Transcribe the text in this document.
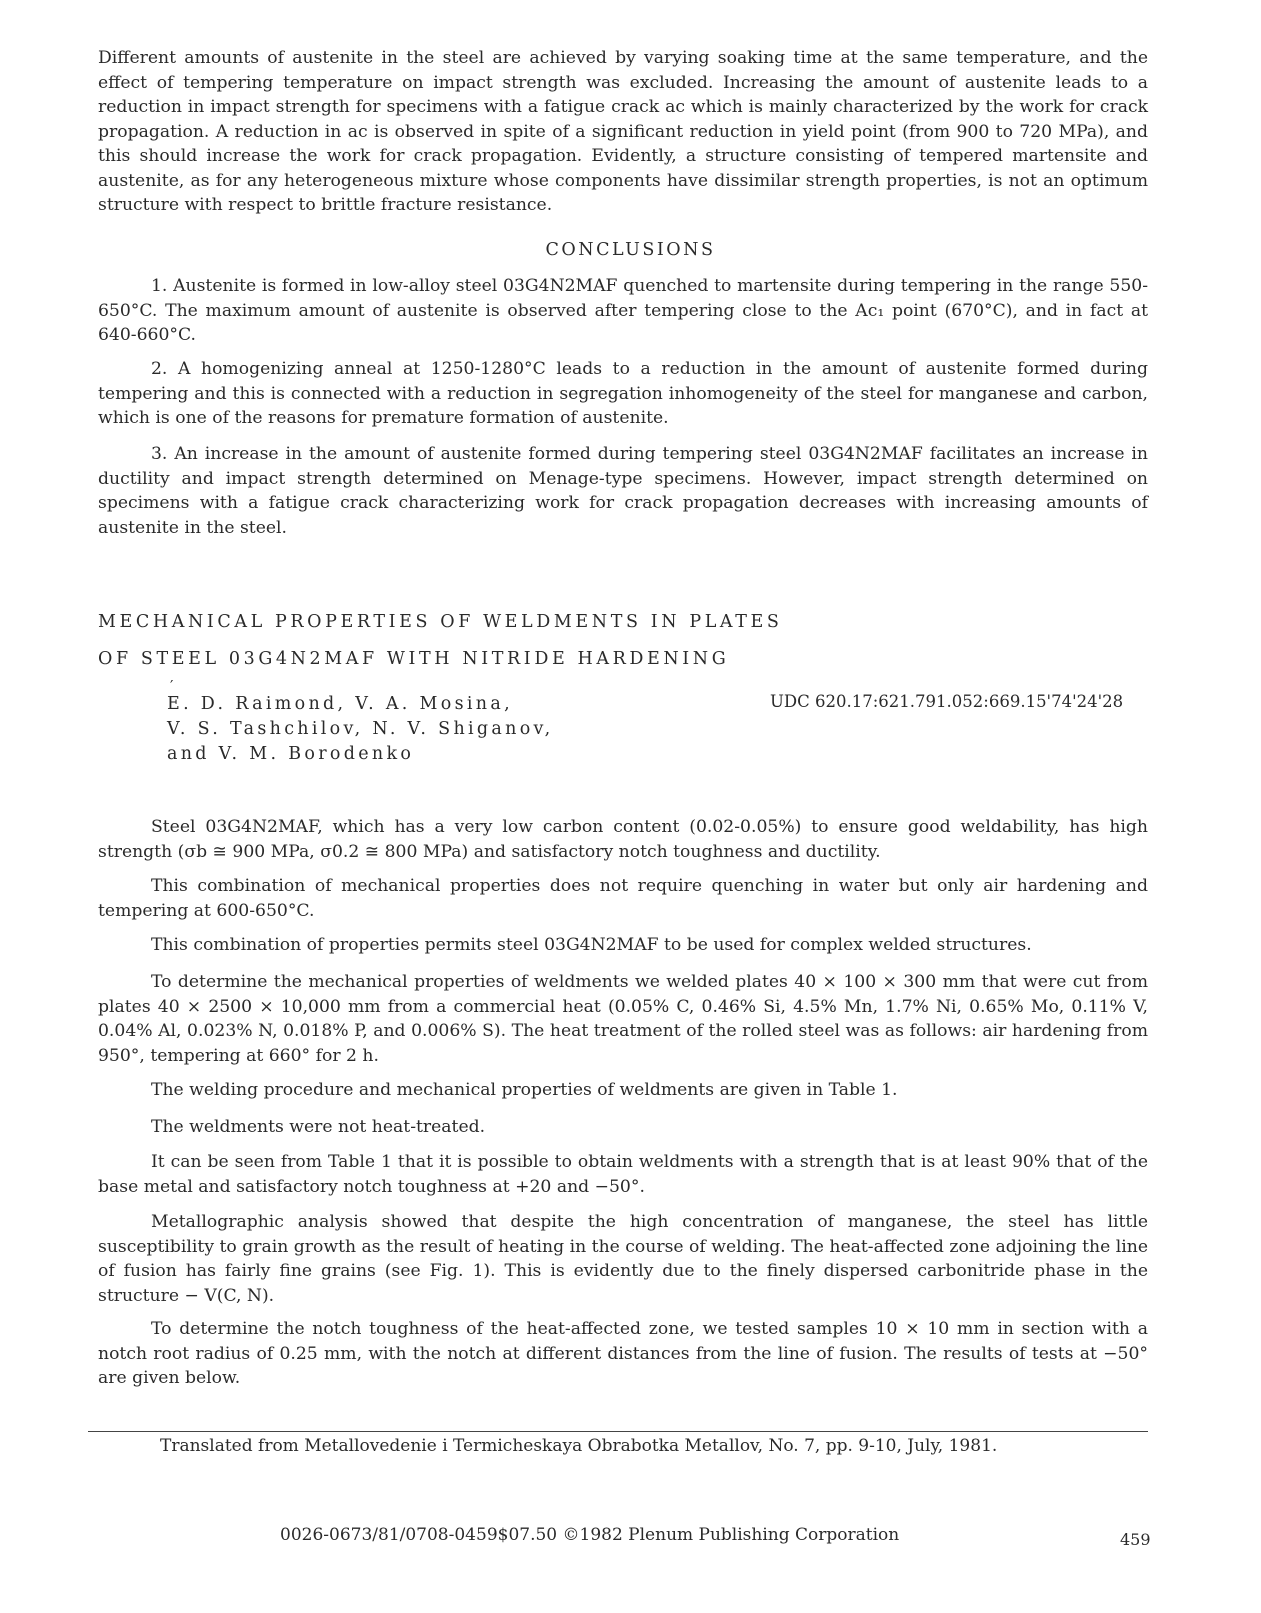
Different amounts of austenite in the steel are achieved by varying soaking time at the same temperature, and the effect of tempering temperature on impact strength was excluded. Increasing the amount of austenite leads to a reduction in impact strength for specimens with a fatigue crack aс which is mainly characterized by the work for crack propagation. A reduction in aс is observed in spite of a significant reduction in yield point (from 900 to 720 MPa), and this should increase the work for crack propagation. Evidently, a structure consisting of tempered martensite and austenite, as for any heterogeneous mixture whose components have dissimilar strength properties, is not an optimum structure with respect to brittle fracture resistance.

CONCLUSIONS

1. Austenite is formed in low-alloy steel 03G4N2MAF quenched to martensite during tempering in the range 550-650°C. The maximum amount of austenite is observed after tempering close to the Ac₁ point (670°C), and in fact at 640-660°C.

2. A homogenizing anneal at 1250-1280°C leads to a reduction in the amount of austenite formed during tempering and this is connected with a reduction in segregation inhomogeneity of the steel for manganese and carbon, which is one of the reasons for premature formation of austenite.

3. An increase in the amount of austenite formed during tempering steel 03G4N2MAF facilitates an increase in ductility and impact strength determined on Menage-type specimens. However, impact strength determined on specimens with a fatigue crack characterizing work for crack propagation decreases with increasing amounts of austenite in the steel.

MECHANICAL PROPERTIES OF WELDMENTS IN PLATES

OF STEEL 03G4N2MAF WITH NITRIDE HARDENING

′

E. D. Raimond, V. A. Mosina,

V. S. Tashchilov, N. V. Shiganov,

and V. M. Borodenko

UDC 620.17:621.791.052:669.15'74'24'28

Steel 03G4N2MAF, which has a very low carbon content (0.02-0.05%) to ensure good weldability, has high strength (σb ≅ 900 MPa, σ0.2 ≅ 800 MPa) and satisfactory notch toughness and ductility.

This combination of mechanical properties does not require quenching in water but only air hardening and tempering at 600-650°C.

This combination of properties permits steel 03G4N2MAF to be used for complex welded structures.

To determine the mechanical properties of weldments we welded plates 40 × 100 × 300 mm that were cut from plates 40 × 2500 × 10,000 mm from a commercial heat (0.05% C, 0.46% Si, 4.5% Mn, 1.7% Ni, 0.65% Mo, 0.11% V, 0.04% Al, 0.023% N, 0.018% P, and 0.006% S). The heat treatment of the rolled steel was as follows: air hardening from 950°, tempering at 660° for 2 h.

The welding procedure and mechanical properties of weldments are given in Table 1.

The weldments were not heat-treated.

It can be seen from Table 1 that it is possible to obtain weldments with a strength that is at least 90% that of the base metal and satisfactory notch toughness at +20 and −50°.

Metallographic analysis showed that despite the high concentration of manganese, the steel has little susceptibility to grain growth as the result of heating in the course of welding. The heat-affected zone adjoining the line of fusion has fairly fine grains (see Fig. 1). This is evidently due to the finely dispersed carbonitride phase in the structure − V(C, N).

To determine the notch toughness of the heat-affected zone, we tested samples 10 × 10 mm in section with a notch root radius of 0.25 mm, with the notch at different distances from the line of fusion. The results of tests at −50° are given below.

Translated from Metallovedenie i Termicheskaya Obrabotka Metallov, No. 7, pp. 9-10, July, 1981.

0026-0673/81/0708-0459$07.50 ©1982 Plenum Publishing Corporation	459
